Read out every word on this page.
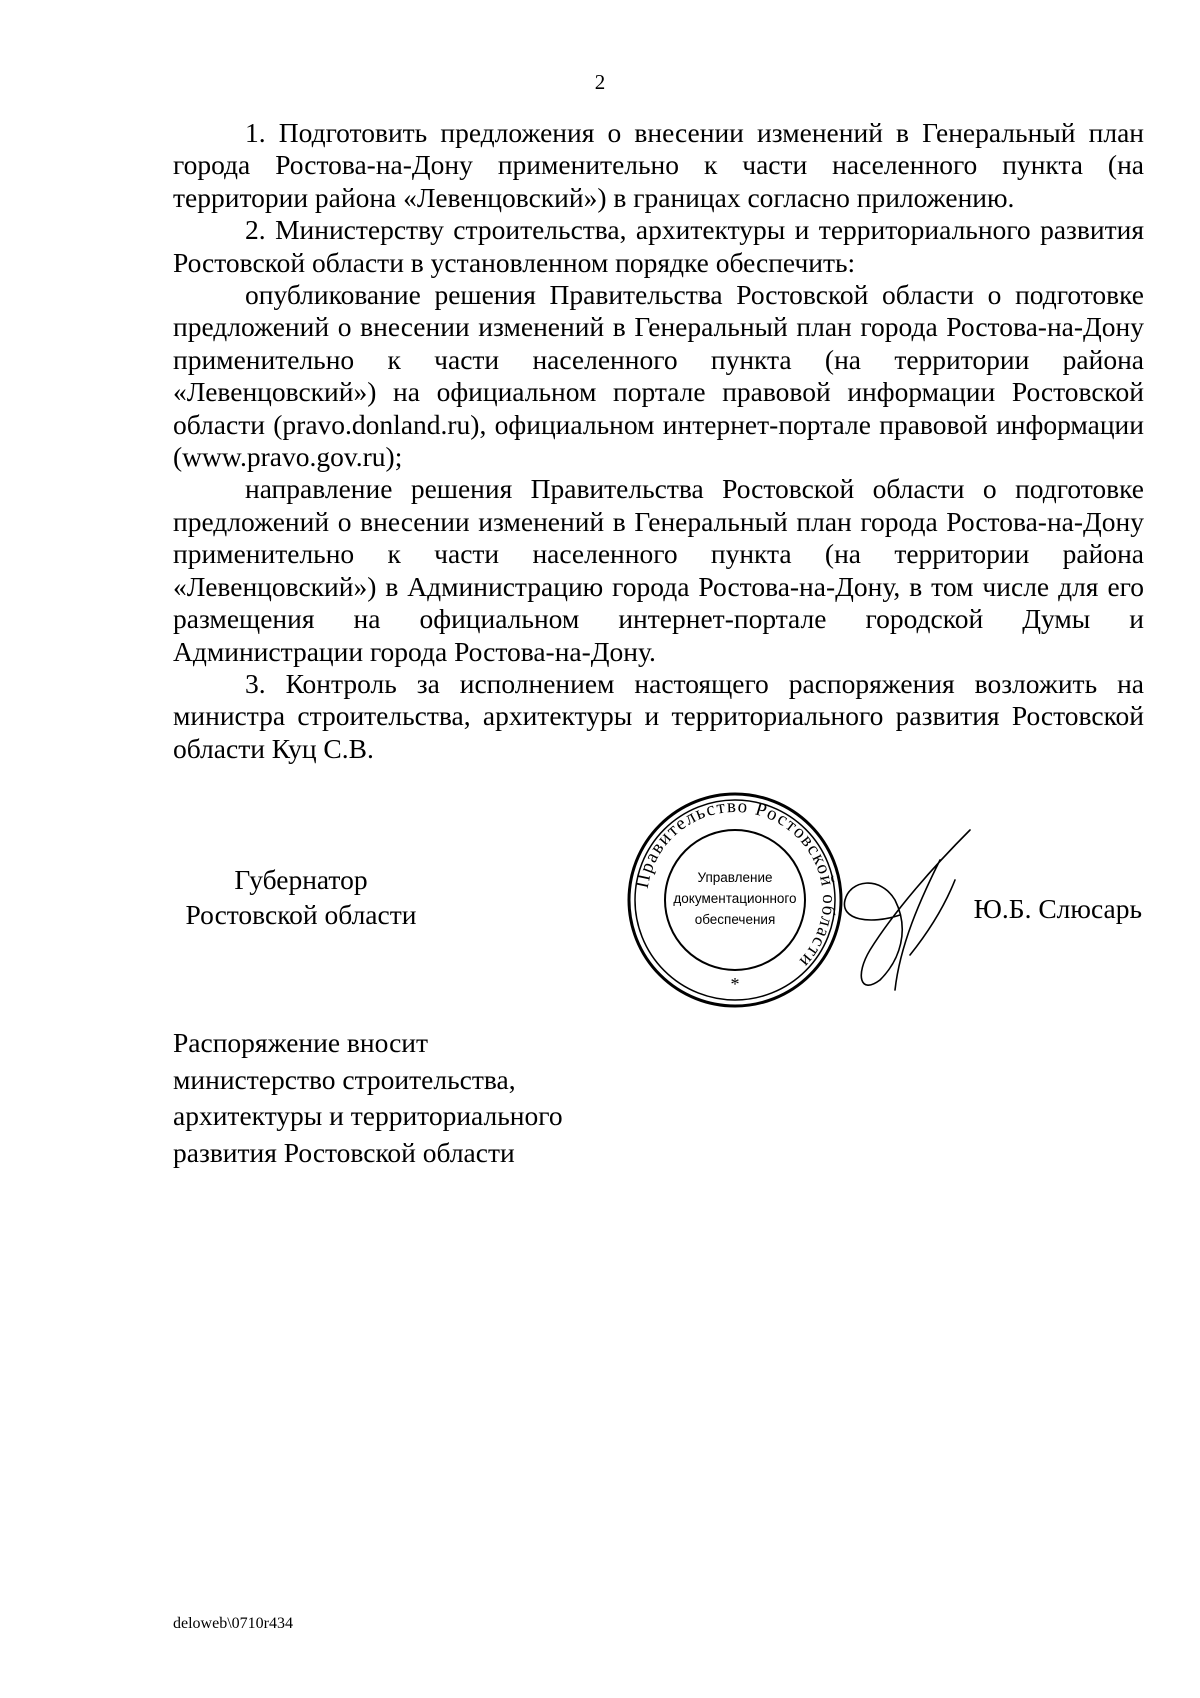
2

1. Подготовить предложения о внесении изменений в Генеральный план города Ростова-на-Дону применительно к части населенного пункта (на территории района «Левенцовский») в границах согласно приложению.

2. Министерству строительства, архитектуры и территориального развития Ростовской области в установленном порядке обеспечить:

опубликование решения Правительства Ростовской области о подготовке предложений о внесении изменений в Генеральный план города Ростова-на-Дону применительно к части населенного пункта (на территории района «Левенцовский») на официальном портале правовой информации Ростовской области (pravo.donland.ru), официальном интернет-портале правовой информации (www.pravo.gov.ru);

направление решения Правительства Ростовской области о подготовке предложений о внесении изменений в Генеральный план города Ростова-на-Дону применительно к части населенного пункта (на территории района «Левенцовский») в Администрацию города Ростова-на-Дону, в том числе для его размещения на официальном интернет-портале городской Думы и Администрации города Ростова-на-Дону.

3. Контроль за исполнением настоящего распоряжения возложить на министра строительства, архитектуры и территориального развития Ростовской области Куц С.В.

Губернатор
Ростовской области
Правительство Ростовской области
Управление
документационного
обеспечения
*
Ю.Б. Слюсарь
Распоряжение вносит
министерство строительства,
архитектуры и территориального
развития Ростовской области
deloweb\0710r434
